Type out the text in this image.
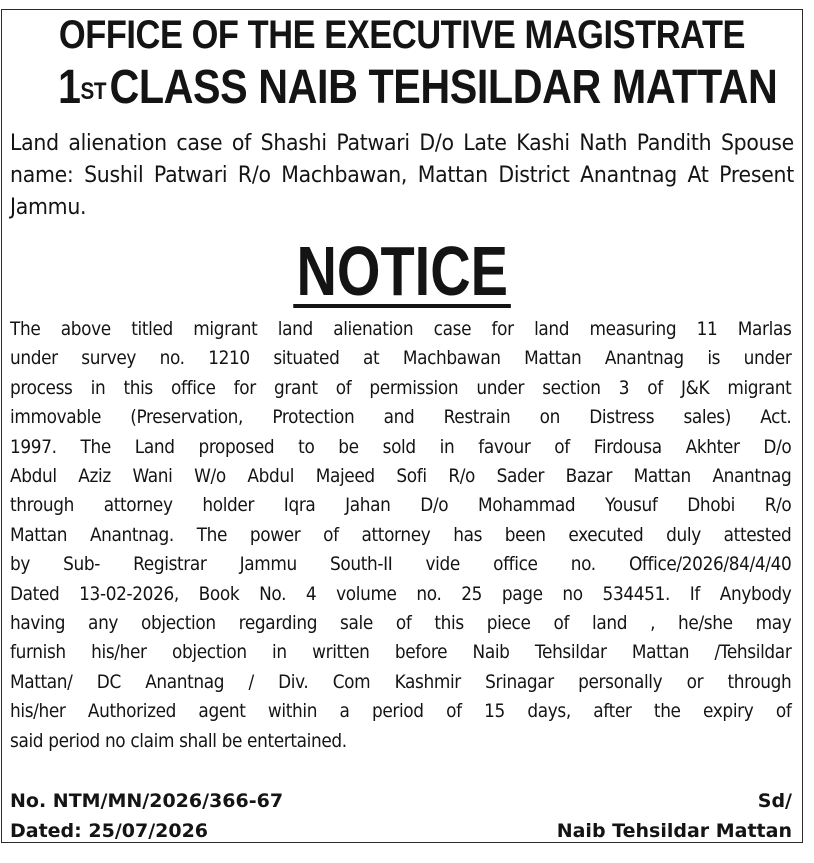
OFFICE OF THE EXECUTIVE MAGISTRATE
1STCLASS NAIB TEHSILDAR MATTAN
Land alienation case of Shashi Patwari D/o Late Kashi Nath Pandith Spouse name: Sushil Patwari R/o Machbawan, Mattan District Anantnag At Present Jammu.
NOTICE
The above titled migrant land alienation case for land measuring 11 Marlas
under survey no. 1210 situated at Machbawan Mattan Anantnag is under
process in this office for grant of permission under section 3 of J&K migrant
immovable (Preservation, Protection and Restrain on Distress sales) Act.
1997. The Land proposed to be sold in favour of Firdousa Akhter D/o
Abdul Aziz Wani W/o Abdul Majeed Sofi R/o Sader Bazar Mattan Anantnag
through attorney holder Iqra Jahan D/o Mohammad Yousuf Dhobi R/o
Mattan Anantnag. The power of attorney has been executed duly attested
by Sub- Registrar Jammu South-II vide office no. Office/2026/84/4/40
Dated 13-02-2026, Book No. 4 volume no. 25 page no 534451. If Anybody
having any objection regarding sale of this piece of land , he/she may
furnish his/her objection in written before Naib Tehsildar Mattan /Tehsildar
Mattan/ DC Anantnag / Div. Com Kashmir Srinagar personally or through
his/her Authorized agent within a period of 15 days, after the expiry of
said period no claim shall be entertained.
No. NTM/MN/2026/366-67	Sd/
Dated: 25/07/2026	Naib Tehsildar Mattan
